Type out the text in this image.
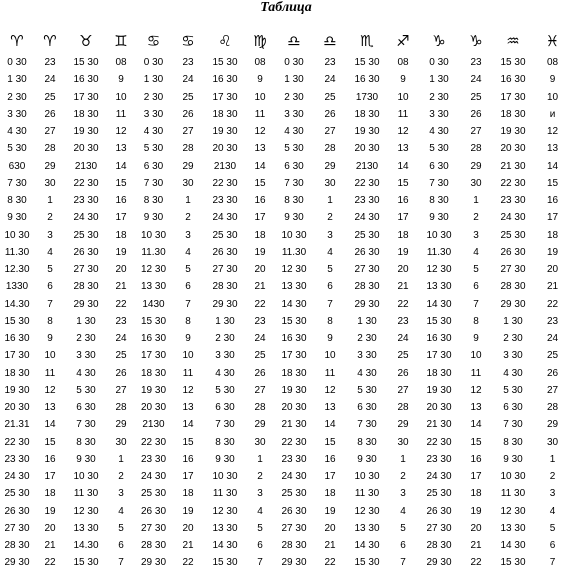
Таблица
♈	♈	♉	♊	♋	♋	♌	♍	♎	♎	♏	♐	♑	♑	♒	♓
0 30	23	15 30	08	0 30	23	15 30	08	0 30	23	15 30	08	0 30	23	15 30	08
1 30	24	16 30	9	1 30	24	16 30	9	1 30	24	16 30	9	1 30	24	16 30	9
2 30	25	17 30	10	2 30	25	17 30	10	2 30	25	1730	10	2 30	25	17 30	10
3 30	26	18 30	11	3 30	26	18 30	11	3 30	26	18 30	11	3 30	26	18 30	и
4 30	27	19 30	12	4 30	27	19 30	12	4 30	27	19 30	12	4 30	27	19 30	12
5 30	28	20 30	13	5 30	28	20 30	13	5 30	28	20 30	13	5 30	28	20 30	13
630	29	2130	14	6 30	29	2130	14	6 30	29	2130	14	6 30	29	21 30	14
7 30	30	22 30	15	7 30	30	22 30	15	7 30	30	22 30	15	7 30	30	22 30	15
8 30	1	23 30	16	8 30	1	23 30	16	8 30	1	23 30	16	8 30	1	23 30	16
9 30	2	24 30	17	9 30	2	24 30	17	9 30	2	24 30	17	9 30	2	24 30	17
10 30	3	25 30	18	10 30	3	25 30	18	10 30	3	25 30	18	10 30	3	25 30	18
11.30	4	26 30	19	11.30	4	26 30	19	11.30	4	26 30	19	11.30	4	26 30	19
12.30	5	27 30	20	12 30	5	27 30	20	12 30	5	27 30	20	12 30	5	27 30	20
1330	6	28 30	21	13 30	6	28 30	21	13 30	6	28 30	21	13 30	6	28 30	21
14.30	7	29 30	22	1430	7	29 30	22	14 30	7	29 30	22	14 30	7	29 30	22
15 30	8	1 30	23	15 30	8	1 30	23	15 30	8	1 30	23	15 30	8	1 30	23
16 30	9	2 30	24	16 30	9	2 30	24	16 30	9	2 30	24	16 30	9	2 30	24
17 30	10	3 30	25	17 30	10	3 30	25	17 30	10	3 30	25	17 30	10	3 30	25
18 30	11	4 30	26	18 30	11	4 30	26	18 30	11	4 30	26	18 30	11	4 30	26
19 30	12	5 30	27	19 30	12	5 30	27	19 30	12	5 30	27	19 30	12	5 30	27
20 30	13	6 30	28	20 30	13	6 30	28	20 30	13	6 30	28	20 30	13	6 30	28
21.31	14	7 30	29	2130	14	7 30	29	21 30	14	7 30	29	21 30	14	7 30	29
22 30	15	8 30	30	22 30	15	8 30	30	22 30	15	8 30	30	22 30	15	8 30	30
23 30	16	9 30	1	23 30	16	9 30	1	23 30	16	9 30	1	23 30	16	9 30	1
24 30	17	10 30	2	24 30	17	10 30	2	24 30	17	10 30	2	24 30	17	10 30	2
25 30	18	11 30	3	25 30	18	11 30	3	25 30	18	11 30	3	25 30	18	11 30	3
26 30	19	12 30	4	26 30	19	12 30	4	26 30	19	12 30	4	26 30	19	12 30	4
27 30	20	13 30	5	27 30	20	13 30	5	27 30	20	13 30	5	27 30	20	13 30	5
28 30	21	14.30	6	28 30	21	14 30	6	28 30	21	14 30	6	28 30	21	14 30	6
29 30	22	15 30	7	29 30	22	15 30	7	29 30	22	15 30	7	29 30	22	15 30	7
